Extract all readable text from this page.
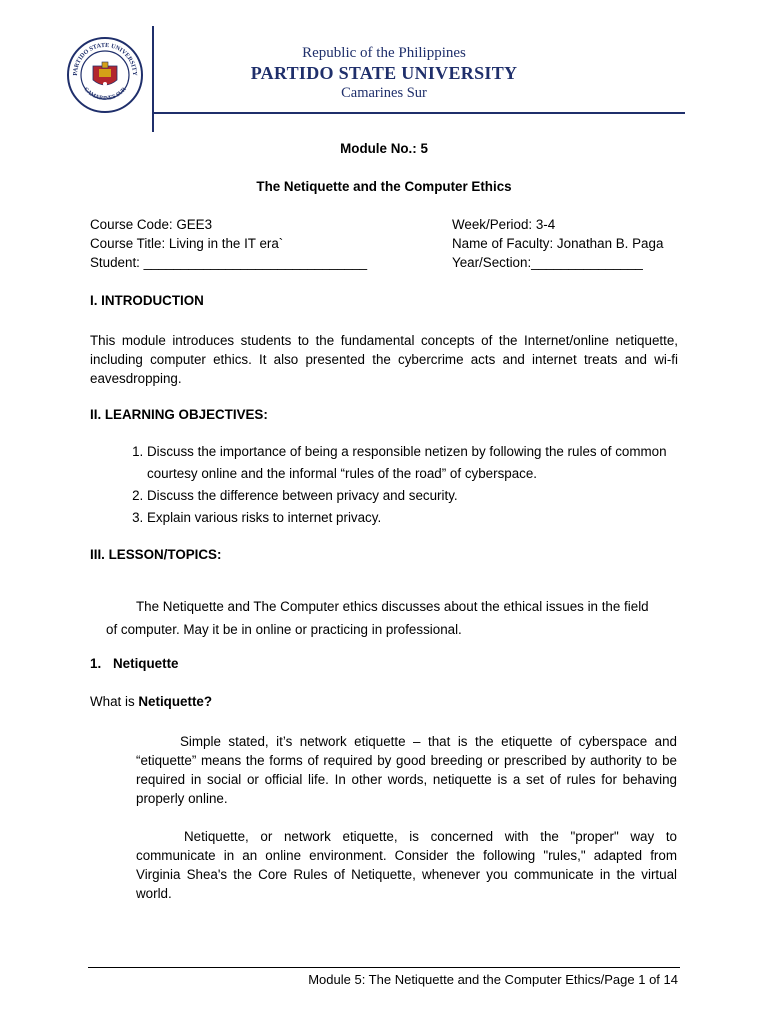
PARTIDO STATE UNIVERSITY
CAMARINES SUR
Republic of the Philippines
PARTIDO STATE UNIVERSITY
Camarines Sur
Module No.: 5
The Netiquette and the Computer Ethics
Course Code: GEE3
Course Title: Living in the IT era`
Student: ______________________________
Week/Period: 3-4
Name of Faculty: Jonathan B. Paga
Year/Section:_______________
I. INTRODUCTION
This module introduces students to the fundamental concepts of the Internet/online netiquette, including computer ethics. It also presented the cybercrime acts and internet treats and wi-fi eavesdropping.
II. LEARNING OBJECTIVES:
1. Discuss the importance of being a responsible netizen by following the rules of common courtesy online and the informal “rules of the road” of cyberspace.
2. Discuss the difference between privacy and security.
3. Explain various risks to internet privacy.
III. LESSON/TOPICS:
The Netiquette and The Computer ethics discusses about the ethical issues in the field
of computer. May it be in online or practicing in professional.
1. Netiquette
What is Netiquette?
Simple stated, it’s network etiquette – that is the etiquette of cyberspace and “etiquette” means the forms of required by good breeding or prescribed by authority to be required in social or official life. In other words, netiquette is a set of rules for behaving properly online.
Netiquette, or network etiquette, is concerned with the "proper" way to communicate in an online environment. Consider the following "rules," adapted from Virginia Shea's the Core Rules of Netiquette, whenever you communicate in the virtual world.
Module 5: The Netiquette and the Computer Ethics/Page 1 of 14
